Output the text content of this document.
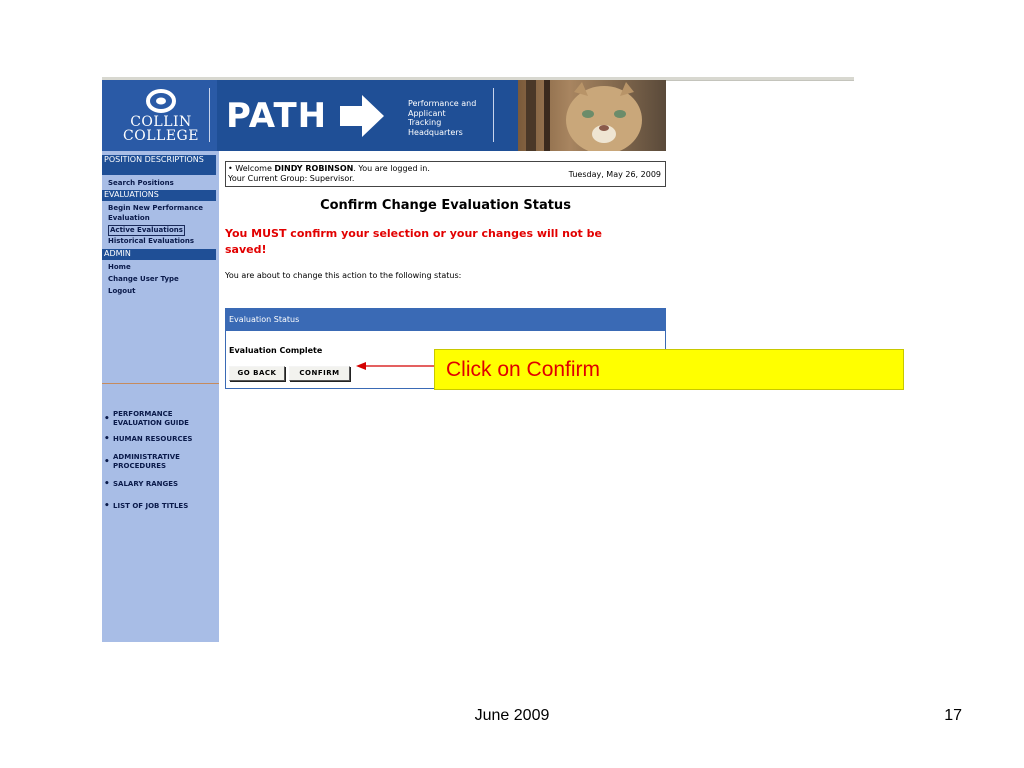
COLLIN
COLLEGE PATH	Performance and
Applicant
Tracking
Headquarters
POSITION DESCRIPTIONS
Search Positions
EVALUATIONS
Begin New Performance
Evaluation
Active Evaluations
Historical Evaluations
ADMIN
Home
Change User Type
Logout
• PERFORMANCE EVALUATION GUIDE
• HUMAN RESOURCES
• ADMINISTRATIVE PROCEDURES
• SALARY RANGES
• LIST OF JOB TITLES
• Welcome DINDY ROBINSON. You are logged in.
Your Current Group: Supervisor.	Tuesday, May 26, 2009
Confirm Change Evaluation Status
You MUST confirm your selection or your changes will not be saved!
You are about to change this action to the following status:
Evaluation Status
Evaluation Complete
GO BACK	CONFIRM	Click on Confirm
June 2009	17
